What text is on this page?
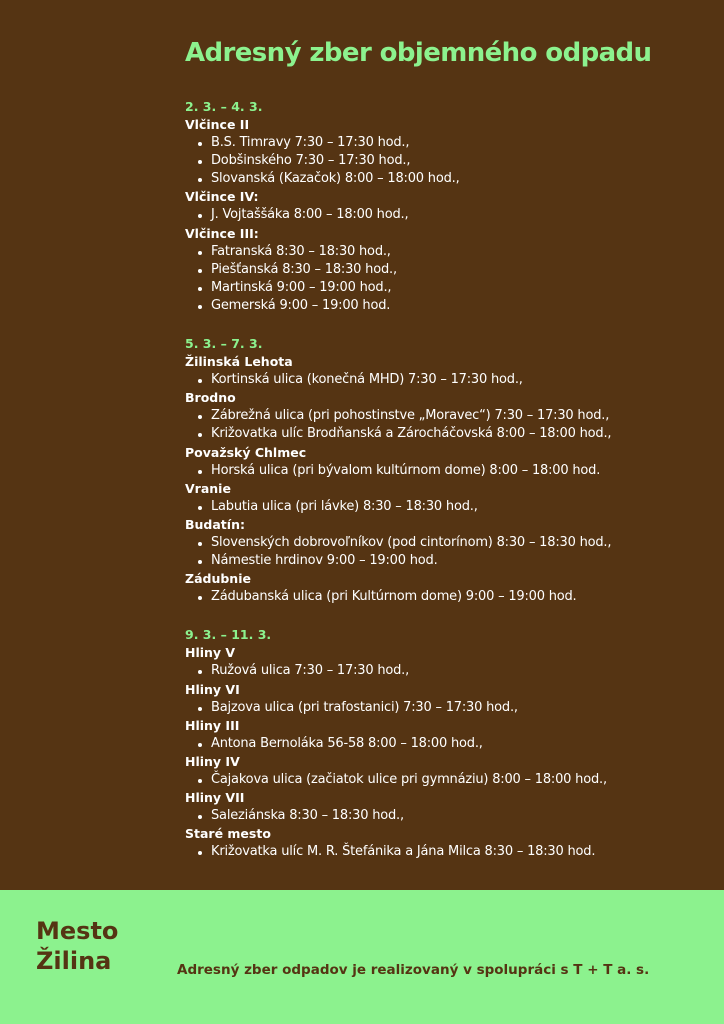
Adresný zber objemného odpadu
2. 3. – 4. 3.
Vlčince II
B.S. Timravy 7:30 – 17:30 hod.,
Dobšinského 7:30 – 17:30 hod.,
Slovanská (Kazačok) 8:00 – 18:00 hod.,
Vlčince IV:
J. Vojtaššáka 8:00 – 18:00 hod.,
Vlčince III:
Fatranská 8:30 – 18:30 hod.,
Piešťanská 8:30 – 18:30 hod.,
Martinská 9:00 – 19:00 hod.,
Gemerská 9:00 – 19:00 hod.
5. 3. – 7. 3.
Žilinská Lehota
Kortinská ulica (konečná MHD) 7:30 – 17:30 hod.,
Brodno
Zábrežná ulica (pri pohostinstve „Moravec“) 7:30 – 17:30 hod.,
Križovatka ulíc Brodňanská a Zárocháčovská 8:00 – 18:00 hod.,
Považský Chlmec
Horská ulica (pri bývalom kultúrnom dome) 8:00 – 18:00 hod.
Vranie
Labutia ulica (pri lávke) 8:30 – 18:30 hod.,
Budatín:
Slovenských dobrovoľníkov (pod cintorínom) 8:30 – 18:30 hod.,
Námestie hrdinov 9:00 – 19:00 hod.
Zádubnie
Zádubanská ulica (pri Kultúrnom dome) 9:00 – 19:00 hod.
9. 3. – 11. 3.
Hliny V
Ružová ulica 7:30 – 17:30 hod.,
Hliny VI
Bajzova ulica (pri trafostanici) 7:30 – 17:30 hod.,
Hliny III
Antona Bernoláka 56-58 8:00 – 18:00 hod.,
Hliny IV
Čajakova ulica (začiatok ulice pri gymnáziu) 8:00 – 18:00 hod.,
Hliny VII
Saleziánska 8:30 – 18:30 hod.,
Staré mesto
Križovatka ulíc M. R. Štefánika a Jána Milca 8:30 – 18:30 hod.
Mesto
Žilina	Adresný zber odpadov je realizovaný v spolupráci s T + T a. s.
